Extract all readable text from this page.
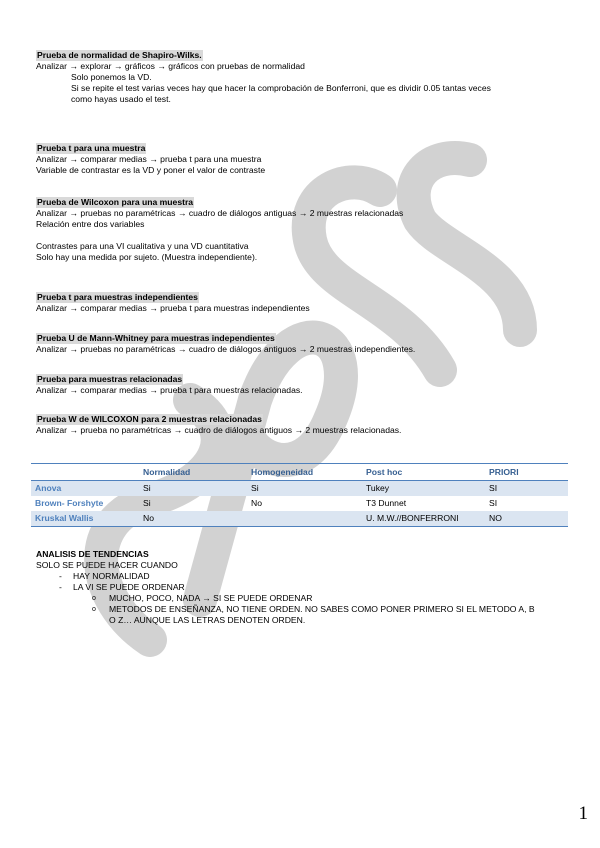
Prueba de normalidad de Shapiro-Wilks.
Analizar → explorar → gráficos → gráficos con pruebas de normalidad
Solo ponemos la VD.
Si se repite el test varias veces hay que hacer la comprobación de Bonferroni, que es dividir 0.05 tantas veces
como hayas usado el test.
Prueba t para una muestra
Analizar → comparar medias → prueba t para una muestra
Variable de contrastar es la VD y poner el valor de contraste
Prueba de Wilcoxon para una muestra
Analizar → pruebas no paramétricas → cuadro de diálogos antiguas → 2 muestras relacionadas
Relación entre dos variables
Contrastes para una VI cualitativa y una VD cuantitativa
Solo hay una medida por sujeto. (Muestra independiente).
Prueba t para muestras independientes
Analizar → comparar medias → prueba t para muestras independientes
Prueba U de Mann-Whitney para muestras independientes
Analizar → pruebas no paramétricas → cuadro de diálogos antiguos → 2 muestras independientes.
Prueba para muestras relacionadas
Analizar → comparar medias → prueba t para muestras relacionadas.
Prueba W de WILCOXON para 2 muestras relacionadas
Analizar → prueba no paramétricas → cuadro de diálogos antiguos → 2 muestras relacionadas.
	Normalidad	Homogeneidad	Post hoc	PRIORI
Anova	Si	Si	Tukey	SI
Brown- Forshyte	Si	No	T3 Dunnet	SI
Kruskal Wallis	No		U. M.W.//BONFERRONI	NO
ANALISIS DE TENDENCIAS
SOLO SE PUEDE HACER CUANDO
-	HAY NORMALIDAD
-	LA VI SE PUEDE ORDENAR
o MUCHO, POCO, NADA → SI SE PUEDE ORDENAR
o METODOS DE ENSEÑANZA, NO TIENE ORDEN. NO SABES COMO PONER PRIMERO SI EL METODO A, B
O Z… AUNQUE LAS LETRAS DENOTEN ORDEN.
1
